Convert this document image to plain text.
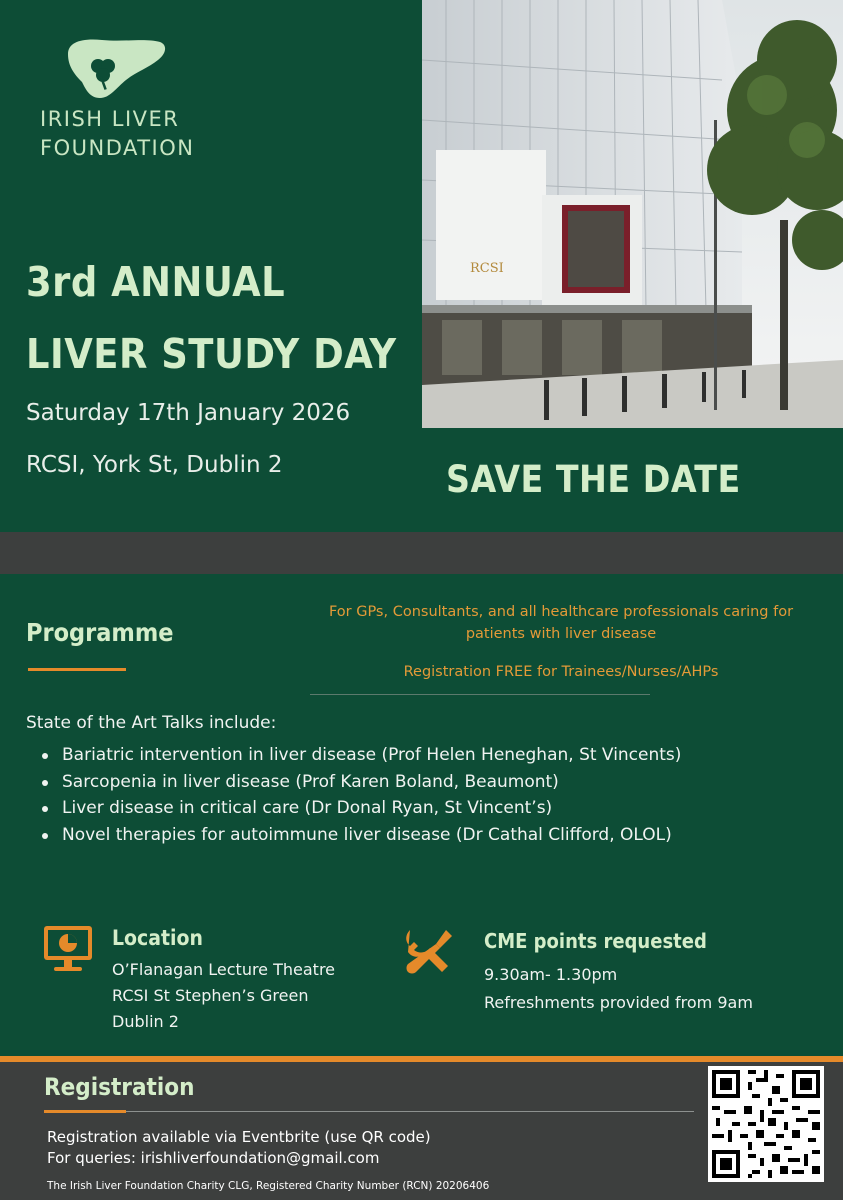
IRISH LIVER
FOUNDATION
3rd ANNUAL
LIVER STUDY DAY
Saturday 17th January 2026
RCSI, York St, Dublin 2
RCSI
SAVE THE DATE
Programme
For GPs, Consultants, and all healthcare professionals caring for patients with liver disease
Registration FREE for Trainees/Nurses/AHPs
State of the Art Talks include:
Bariatric intervention in liver disease (Prof Helen Heneghan, St Vincents)
Sarcopenia in liver disease (Prof Karen Boland, Beaumont)
Liver disease in critical care (Dr Donal Ryan, St Vincent’s)
Novel therapies for autoimmune liver disease (Dr Cathal Clifford, OLOL)
Location
O’Flanagan Lecture Theatre
RCSI St Stephen’s Green
Dublin 2
CME points requested
9.30am- 1.30pm
Refreshments provided from 9am
Registration
Registration available via Eventbrite (use QR code)
For queries: irishliverfoundation@gmail.com
The Irish Liver Foundation Charity CLG, Registered Charity Number (RCN) 20206406
